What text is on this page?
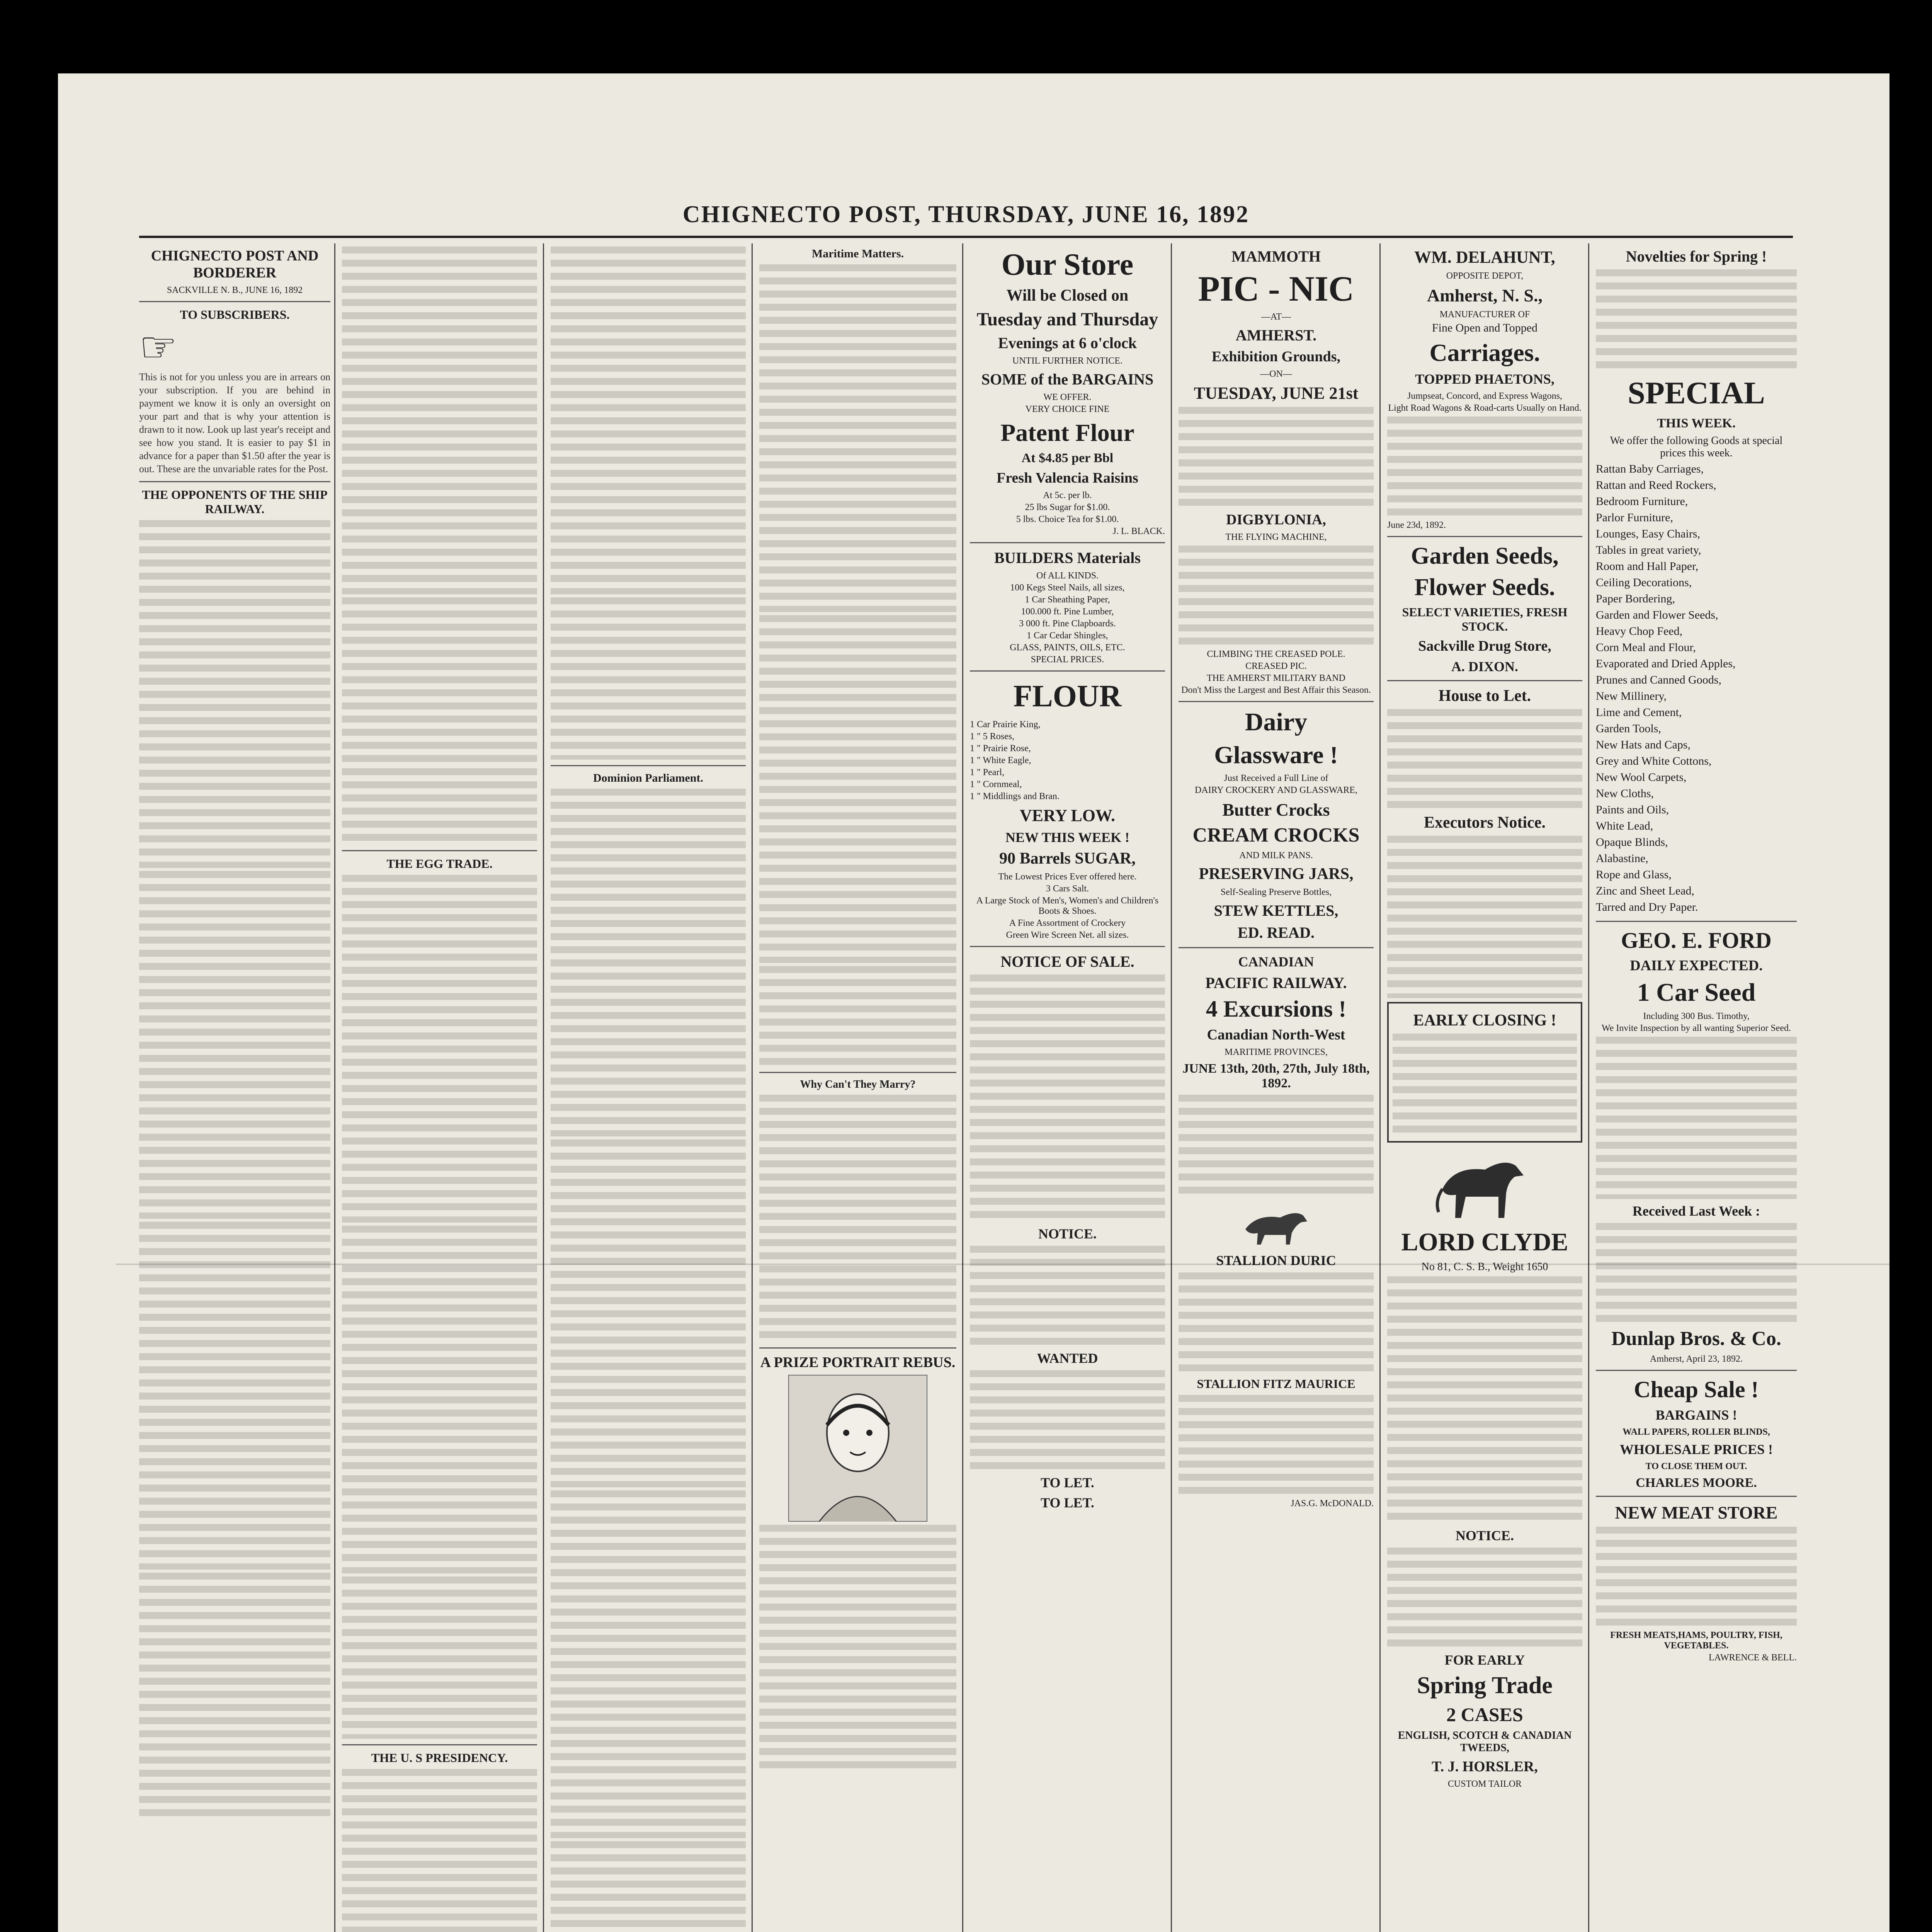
CHIGNECTO POST, THURSDAY, JUNE 16, 1892
CHIGNECTO POST AND BORDERER
SACKVILLE N. B., JUNE 16, 1892
TO SUBSCRIBERS.
☞

This is not for you unless you are in arrears on your subscription. If you are behind in payment we know it is only an oversight on your part and that is why your attention is drawn to it now. Look up last year's receipt and see how you stand. It is easier to pay $1 in advance for a paper than $1.50 after the year is out. These are the unvariable rates for the Post.

THE OPPONENTS OF THE SHIP RAILWAY.
THE EGG TRADE.
THE U. S PRESIDENCY.
Dominion Parliament.
Maritime Matters.
Why Can't They Marry?
A PRIZE PORTRAIT REBUS.
Our Store
Will be Closed on
Tuesday and Thursday
Evenings at 6 o'clock
UNTIL FURTHER NOTICE.
SOME of the BARGAINS
WE OFFER.
VERY CHOICE FINE
Patent Flour
At $4.85 per Bbl
Fresh Valencia Raisins
At 5c. per lb.
25 lbs Sugar for $1.00.
5 lbs. Choice Tea for $1.00.
J. L. BLACK.
BUILDERS Materials
Of ALL KINDS.
100 Kegs Steel Nails, all sizes,
1 Car Sheathing Paper,
100.000 ft. Pine Lumber,
3 000 ft. Pine Clapboards.
1 Car Cedar Shingles,
GLASS, PAINTS, OILS, ETC.
SPECIAL PRICES.
FLOUR
1 Car Prairie King,
1 " 5 Roses,
1 " Prairie Rose,
1 " White Eagle,
1 " Pearl,
1 " Cornmeal,
1 " Middlings and Bran.
VERY LOW.
NEW THIS WEEK !
90 Barrels SUGAR,
The Lowest Prices Ever offered here.
3 Cars Salt.
A Large Stock of Men's, Women's and Children's Boots & Shoes.
A Fine Assortment of Crockery
Green Wire Screen Net. all sizes.
NOTICE OF SALE.
NOTICE.
WANTED
TO LET.
TO LET.
MAMMOTH
PIC - NIC
—AT—
AMHERST.
Exhibition Grounds,
—ON—
TUESDAY, JUNE 21st
DIGBYLONIA,
THE FLYING MACHINE,
CLIMBING THE CREASED POLE.
CREASED PIC.
THE AMHERST MILITARY BAND
Don't Miss the Largest and Best Affair this Season.
Dairy
Glassware !
Just Received a Full Line of
DAIRY CROCKERY AND GLASSWARE,
Butter Crocks
CREAM CROCKS
AND MILK PANS.
PRESERVING JARS,
Self-Sealing Preserve Bottles,
STEW KETTLES,
ED. READ.
CANADIAN
PACIFIC RAILWAY.
4 Excursions !
Canadian North-West
MARITIME PROVINCES,
JUNE 13th, 20th, 27th, July 18th, 1892.
STALLION DURIC
STALLION FITZ MAURICE
JAS.G. McDONALD.
WM. DELAHUNT,
OPPOSITE DEPOT,
Amherst, N. S.,
MANUFACTURER OF
Fine Open and Topped
Carriages.
TOPPED PHAETONS,
Jumpseat, Concord, and Express Wagons,
Light Road Wagons & Road-carts Usually on Hand.
June 23d, 1892.
Garden Seeds,
Flower Seeds.
SELECT VARIETIES, FRESH STOCK.
Sackville Drug Store,
A. DIXON.
House to Let.
Executors Notice.
EARLY CLOSING !
LORD CLYDE
No 81, C. S. B., Weight 1650
NOTICE.
FOR EARLY
Spring Trade
2 CASES
ENGLISH, SCOTCH & CANADIAN TWEEDS,
T. J. HORSLER,
CUSTOM TAILOR
Novelties for Spring !
SPECIAL
THIS WEEK.
We offer the following Goods at special prices this week.
Rattan Baby Carriages,
Rattan and Reed Rockers,
Bedroom Furniture,
Parlor Furniture,
Lounges, Easy Chairs,
Tables in great variety,
Room and Hall Paper,
Ceiling Decorations,
Paper Bordering,
Garden and Flower Seeds,
Heavy Chop Feed,
Corn Meal and Flour,
Evaporated and Dried Apples,
Prunes and Canned Goods,
New Millinery,
Lime and Cement,
Garden Tools,
New Hats and Caps,
Grey and White Cottons,
New Wool Carpets,
New Cloths,
Paints and Oils,
White Lead,
Opaque Blinds,
Alabastine,
Rope and Glass,
Zinc and Sheet Lead,
Tarred and Dry Paper.
GEO. E. FORD
DAILY EXPECTED.
1 Car Seed
Including 300 Bus. Timothy,
We Invite Inspection by all wanting Superior Seed.
Received Last Week :
Dunlap Bros. & Co.
Amherst, April 23, 1892.
Cheap Sale !
BARGAINS !
WALL PAPERS, ROLLER BLINDS,
WHOLESALE PRICES !
TO CLOSE THEM OUT.
CHARLES MOORE.
NEW MEAT STORE
FRESH MEATS,HAMS, POULTRY, FISH, VEGETABLES.
LAWRENCE & BELL.
